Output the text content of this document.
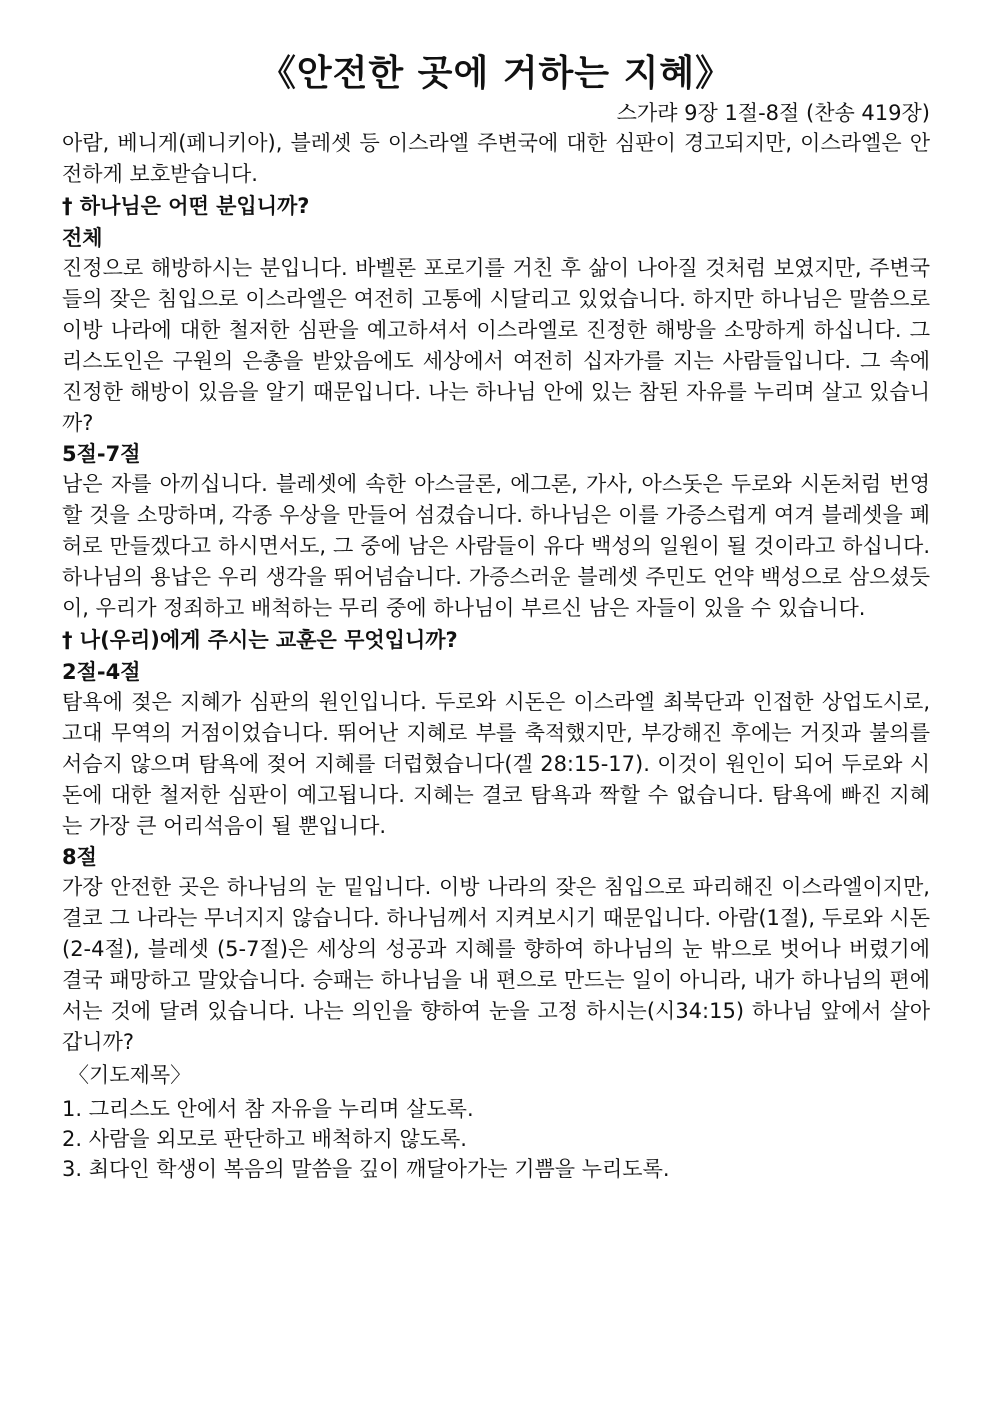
《안전한 곳에 거하는 지혜》

스가랴 9장 1절-8절 (찬송 419장)

아람, 베니게(페니키아), 블레셋 등 이스라엘 주변국에 대한 심판이 경고되지만, 이스라엘은 안전하게 보호받습니다.

† 하나님은 어떤 분입니까?

전체

진정으로 해방하시는 분입니다. 바벨론 포로기를 거친 후 삶이 나아질 것처럼 보였지만, 주변국들의 잦은 침입으로 이스라엘은 여전히 고통에 시달리고 있었습니다. 하지만 하나님은 말씀으로 이방 나라에 대한 철저한 심판을 예고하셔서 이스라엘로 진정한 해방을 소망하게 하십니다. 그리스도인은 구원의 은총을 받았음에도 세상에서 여전히 십자가를 지는 사람들입니다. 그 속에 진정한 해방이 있음을 알기 때문입니다. 나는 하나님 안에 있는 참된 자유를 누리며 살고 있습니까?

5절-7절

남은 자를 아끼십니다. 블레셋에 속한 아스글론, 에그론, 가사, 아스돗은 두로와 시돈처럼 번영할 것을 소망하며, 각종 우상을 만들어 섬겼습니다. 하나님은 이를 가증스럽게 여겨 블레셋을 폐허로 만들겠다고 하시면서도, 그 중에 남은 사람들이 유다 백성의 일원이 될 것이라고 하십니다. 하나님의 용납은 우리 생각을 뛰어넘습니다. 가증스러운 블레셋 주민도 언약 백성으로 삼으셨듯이, 우리가 정죄하고 배척하는 무리 중에 하나님이 부르신 남은 자들이 있을 수 있습니다.

† 나(우리)에게 주시는 교훈은 무엇입니까?

2절-4절

탐욕에 젖은 지혜가 심판의 원인입니다. 두로와 시돈은 이스라엘 최북단과 인접한 상업도시로, 고대 무역의 거점이었습니다. 뛰어난 지혜로 부를 축적했지만, 부강해진 후에는 거짓과 불의를 서슴지 않으며 탐욕에 젖어 지혜를 더럽혔습니다(겔 28:15-17). 이것이 원인이 되어 두로와 시돈에 대한 철저한 심판이 예고됩니다. 지혜는 결코 탐욕과 짝할 수 없습니다. 탐욕에 빠진 지혜는 가장 큰 어리석음이 될 뿐입니다.

8절

가장 안전한 곳은 하나님의 눈 밑입니다. 이방 나라의 잦은 침입으로 파리해진 이스라엘이지만, 결코 그 나라는 무너지지 않습니다. 하나님께서 지켜보시기 때문입니다. 아람(1절), 두로와 시돈(2-4절), 블레셋 (5-7절)은 세상의 성공과 지혜를 향하여 하나님의 눈 밖으로 벗어나 버렸기에 결국 패망하고 말았습니다. 승패는 하나님을 내 편으로 만드는 일이 아니라, 내가 하나님의 편에 서는 것에 달려 있습니다. 나는 의인을 향하여 눈을 고정 하시는(시34:15) 하나님 앞에서 살아갑니까?

〈기도제목〉

1. 그리스도 안에서 참 자유을 누리며 살도록.
2. 사람을 외모로 판단하고 배척하지 않도록.
3. 최다인 학생이 복음의 말씀을 깊이 깨달아가는 기쁨을 누리도록.
